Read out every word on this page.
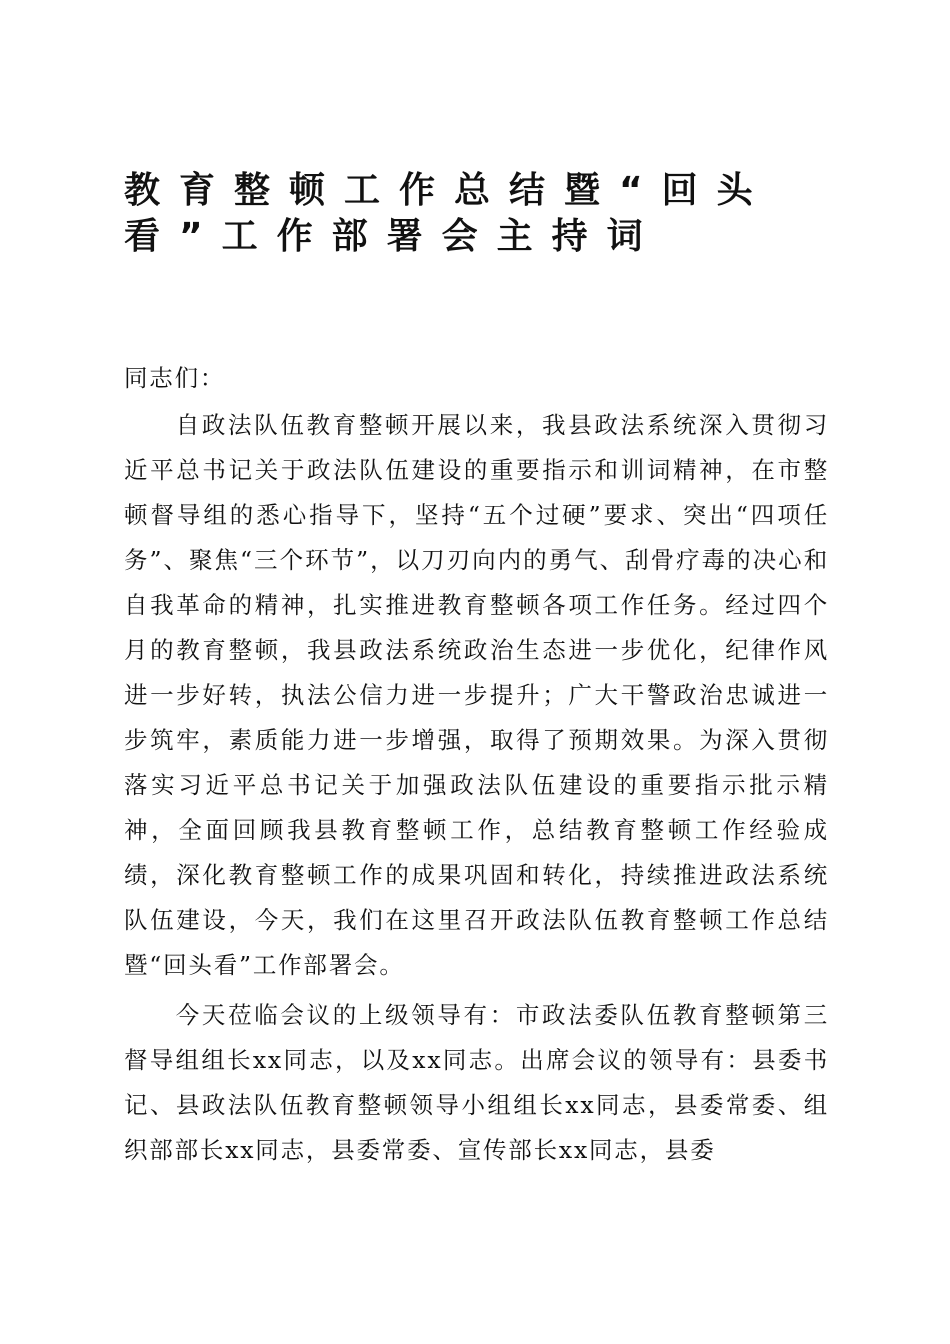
教育整顿工作总结暨“回头看”工作部署会主持词

同志们：

自政法队伍教育整顿开展以来，我县政法系统深入贯彻习近平总书记关于政法队伍建设的重要指示和训词精神，在市整顿督导组的悉心指导下，坚持“五个过硬”要求、突出“四项任务”、聚焦“三个环节”，以刀刃向内的勇气、刮骨疗毒的决心和自我革命的精神，扎实推进教育整顿各项工作任务。经过四个月的教育整顿，我县政法系统政治生态进一步优化，纪律作风进一步好转，执法公信力进一步提升；广大干警政治忠诚进一步筑牢，素质能力进一步增强，取得了预期效果。为深入贯彻落实习近平总书记关于加强政法队伍建设的重要指示批示精神，全面回顾我县教育整顿工作，总结教育整顿工作经验成绩，深化教育整顿工作的成果巩固和转化，持续推进政法系统队伍建设，今天，我们在这里召开政法队伍教育整顿工作总结暨“回头看”工作部署会。

今天莅临会议的上级领导有：市政法委队伍教育整顿第三督导组组长xx同志，以及xx同志。出席会议的领导有：县委书记、县政法队伍教育整顿领导小组组长xx同志，县委常委、组织部部长xx同志，县委常委、宣传部长xx同志，县委
